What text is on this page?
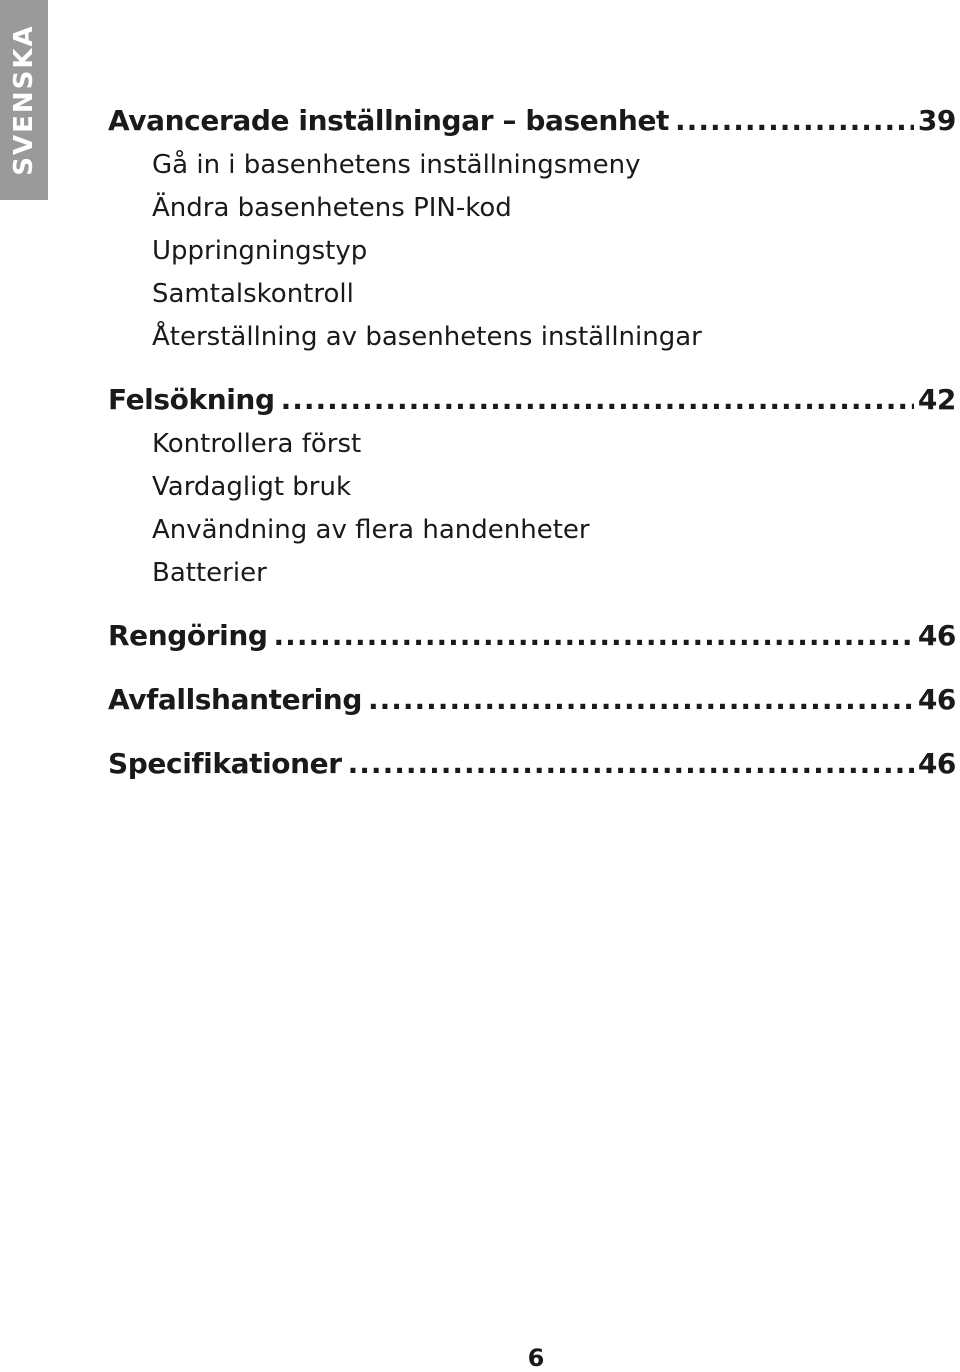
SVENSKA Avancerade inställningar – basenhet .....	39
Gå in i basenhetens inställningsmeny
Ändra basenhetens PIN-kod
Uppringningstyp
Samtalskontroll
Återställning av basenhetens inställningar
Felsökning .....	42
Kontrollera först
Vardagligt bruk
Användning av flera handenheter
Batterier
Rengöring .....	46
Avfallshantering .....	46
Specifikationer .....	46
6
